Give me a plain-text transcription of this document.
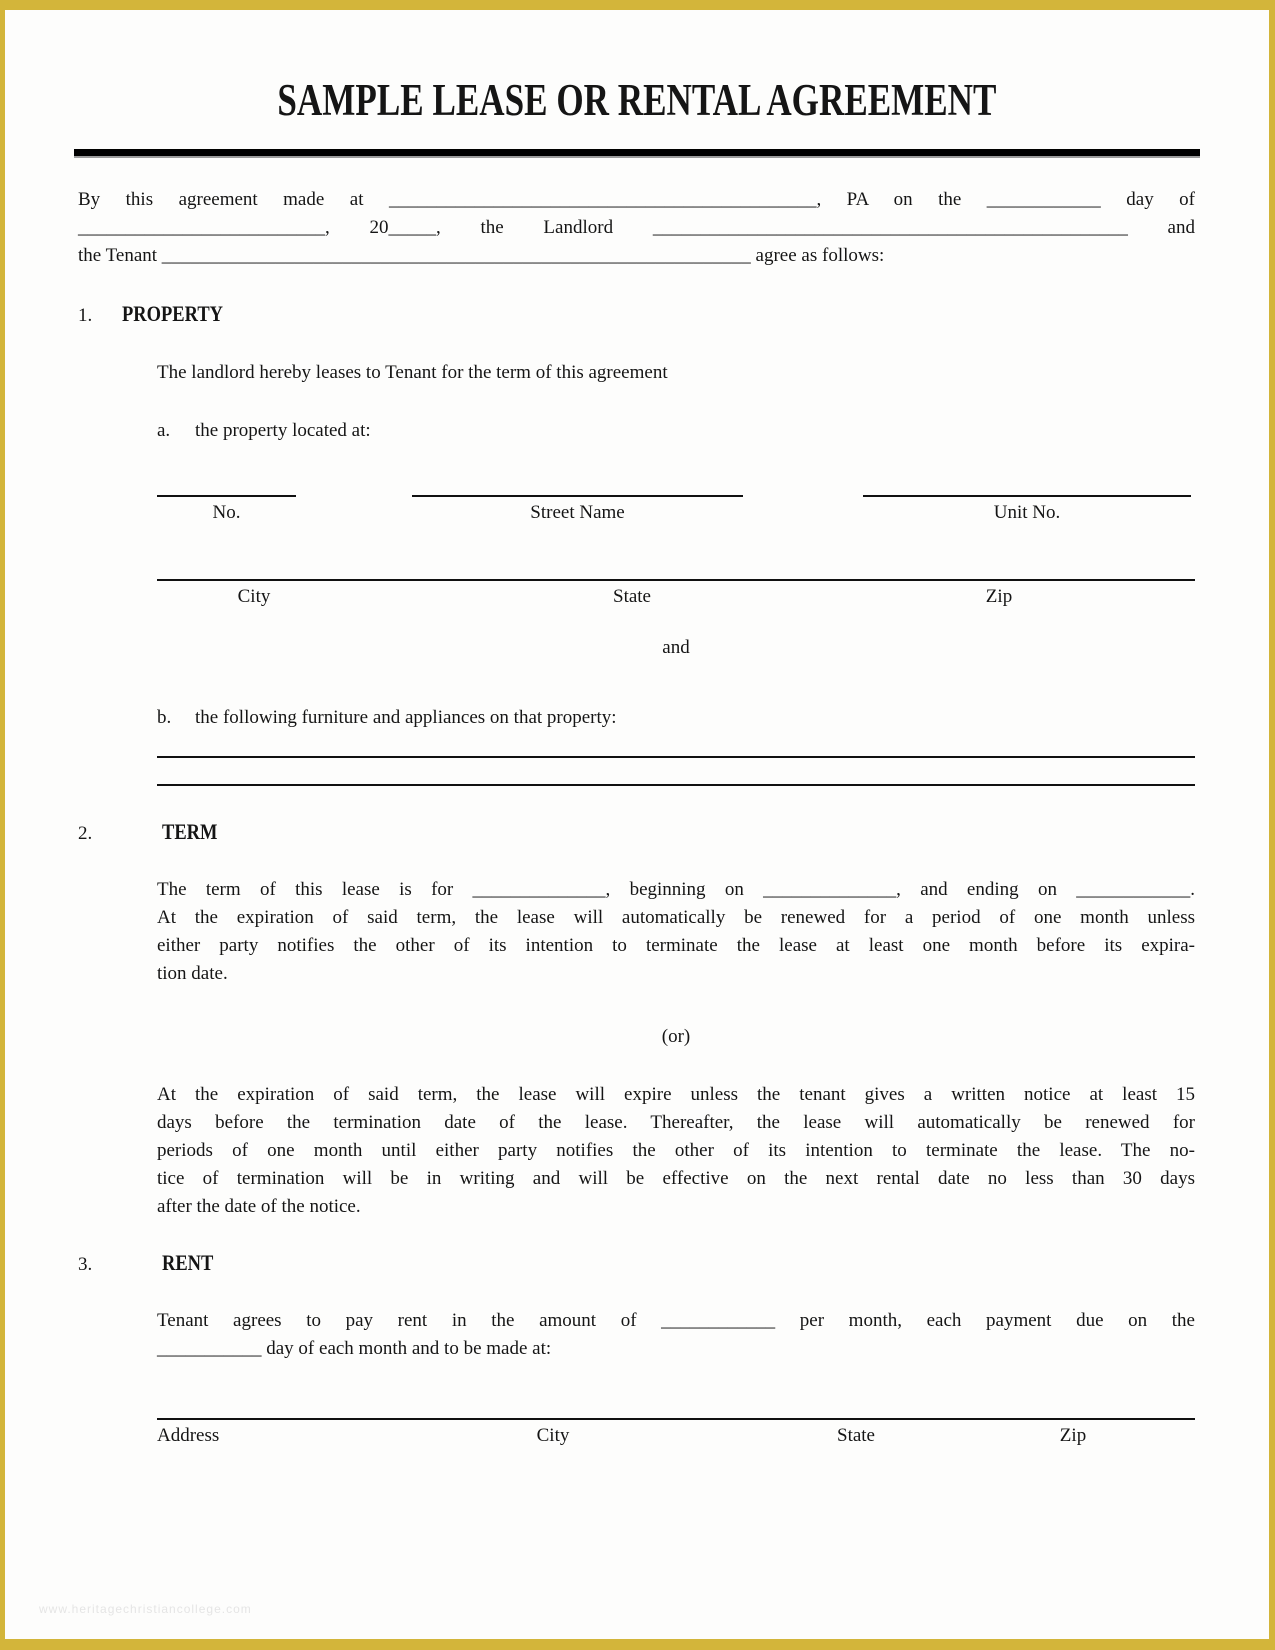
SAMPLE LEASE OR RENTAL AGREEMENT
By this agreement made at _____________________________________________, PA on the ____________ day of
__________________________, 20_____, the Landlord __________________________________________________ and
the Tenant ______________________________________________________________ agree as follows:
1. PROPERTY
The landlord hereby leases to Tenant for the term of this agreement
a.	the property located at:
No.	Street Name	Unit No.
City	State	Zip
and
b.	the following furniture and appliances on that property:
2.	TERM
The term of this lease is for ______________, beginning on ______________, and ending on ____________.
At the expiration of said term, the lease will automatically be renewed for a period of one month unless
either party notifies the other of its intention to terminate the lease at least one month before its expira-
tion date.
(or)
At the expiration of said term, the lease will expire unless the tenant gives a written notice at least 15
days before the termination date of the lease. Thereafter, the lease will automatically be renewed for
periods of one month until either party notifies the other of its intention to terminate the lease. The no-
tice of termination will be in writing and will be effective on the next rental date no less than 30 days
after the date of the notice.
3.	RENT
Tenant agrees to pay rent in the amount of ____________ per month, each payment due on the
___________ day of each month and to be made at:
Address	City	State	Zip
www.heritagechristiancollege.com
